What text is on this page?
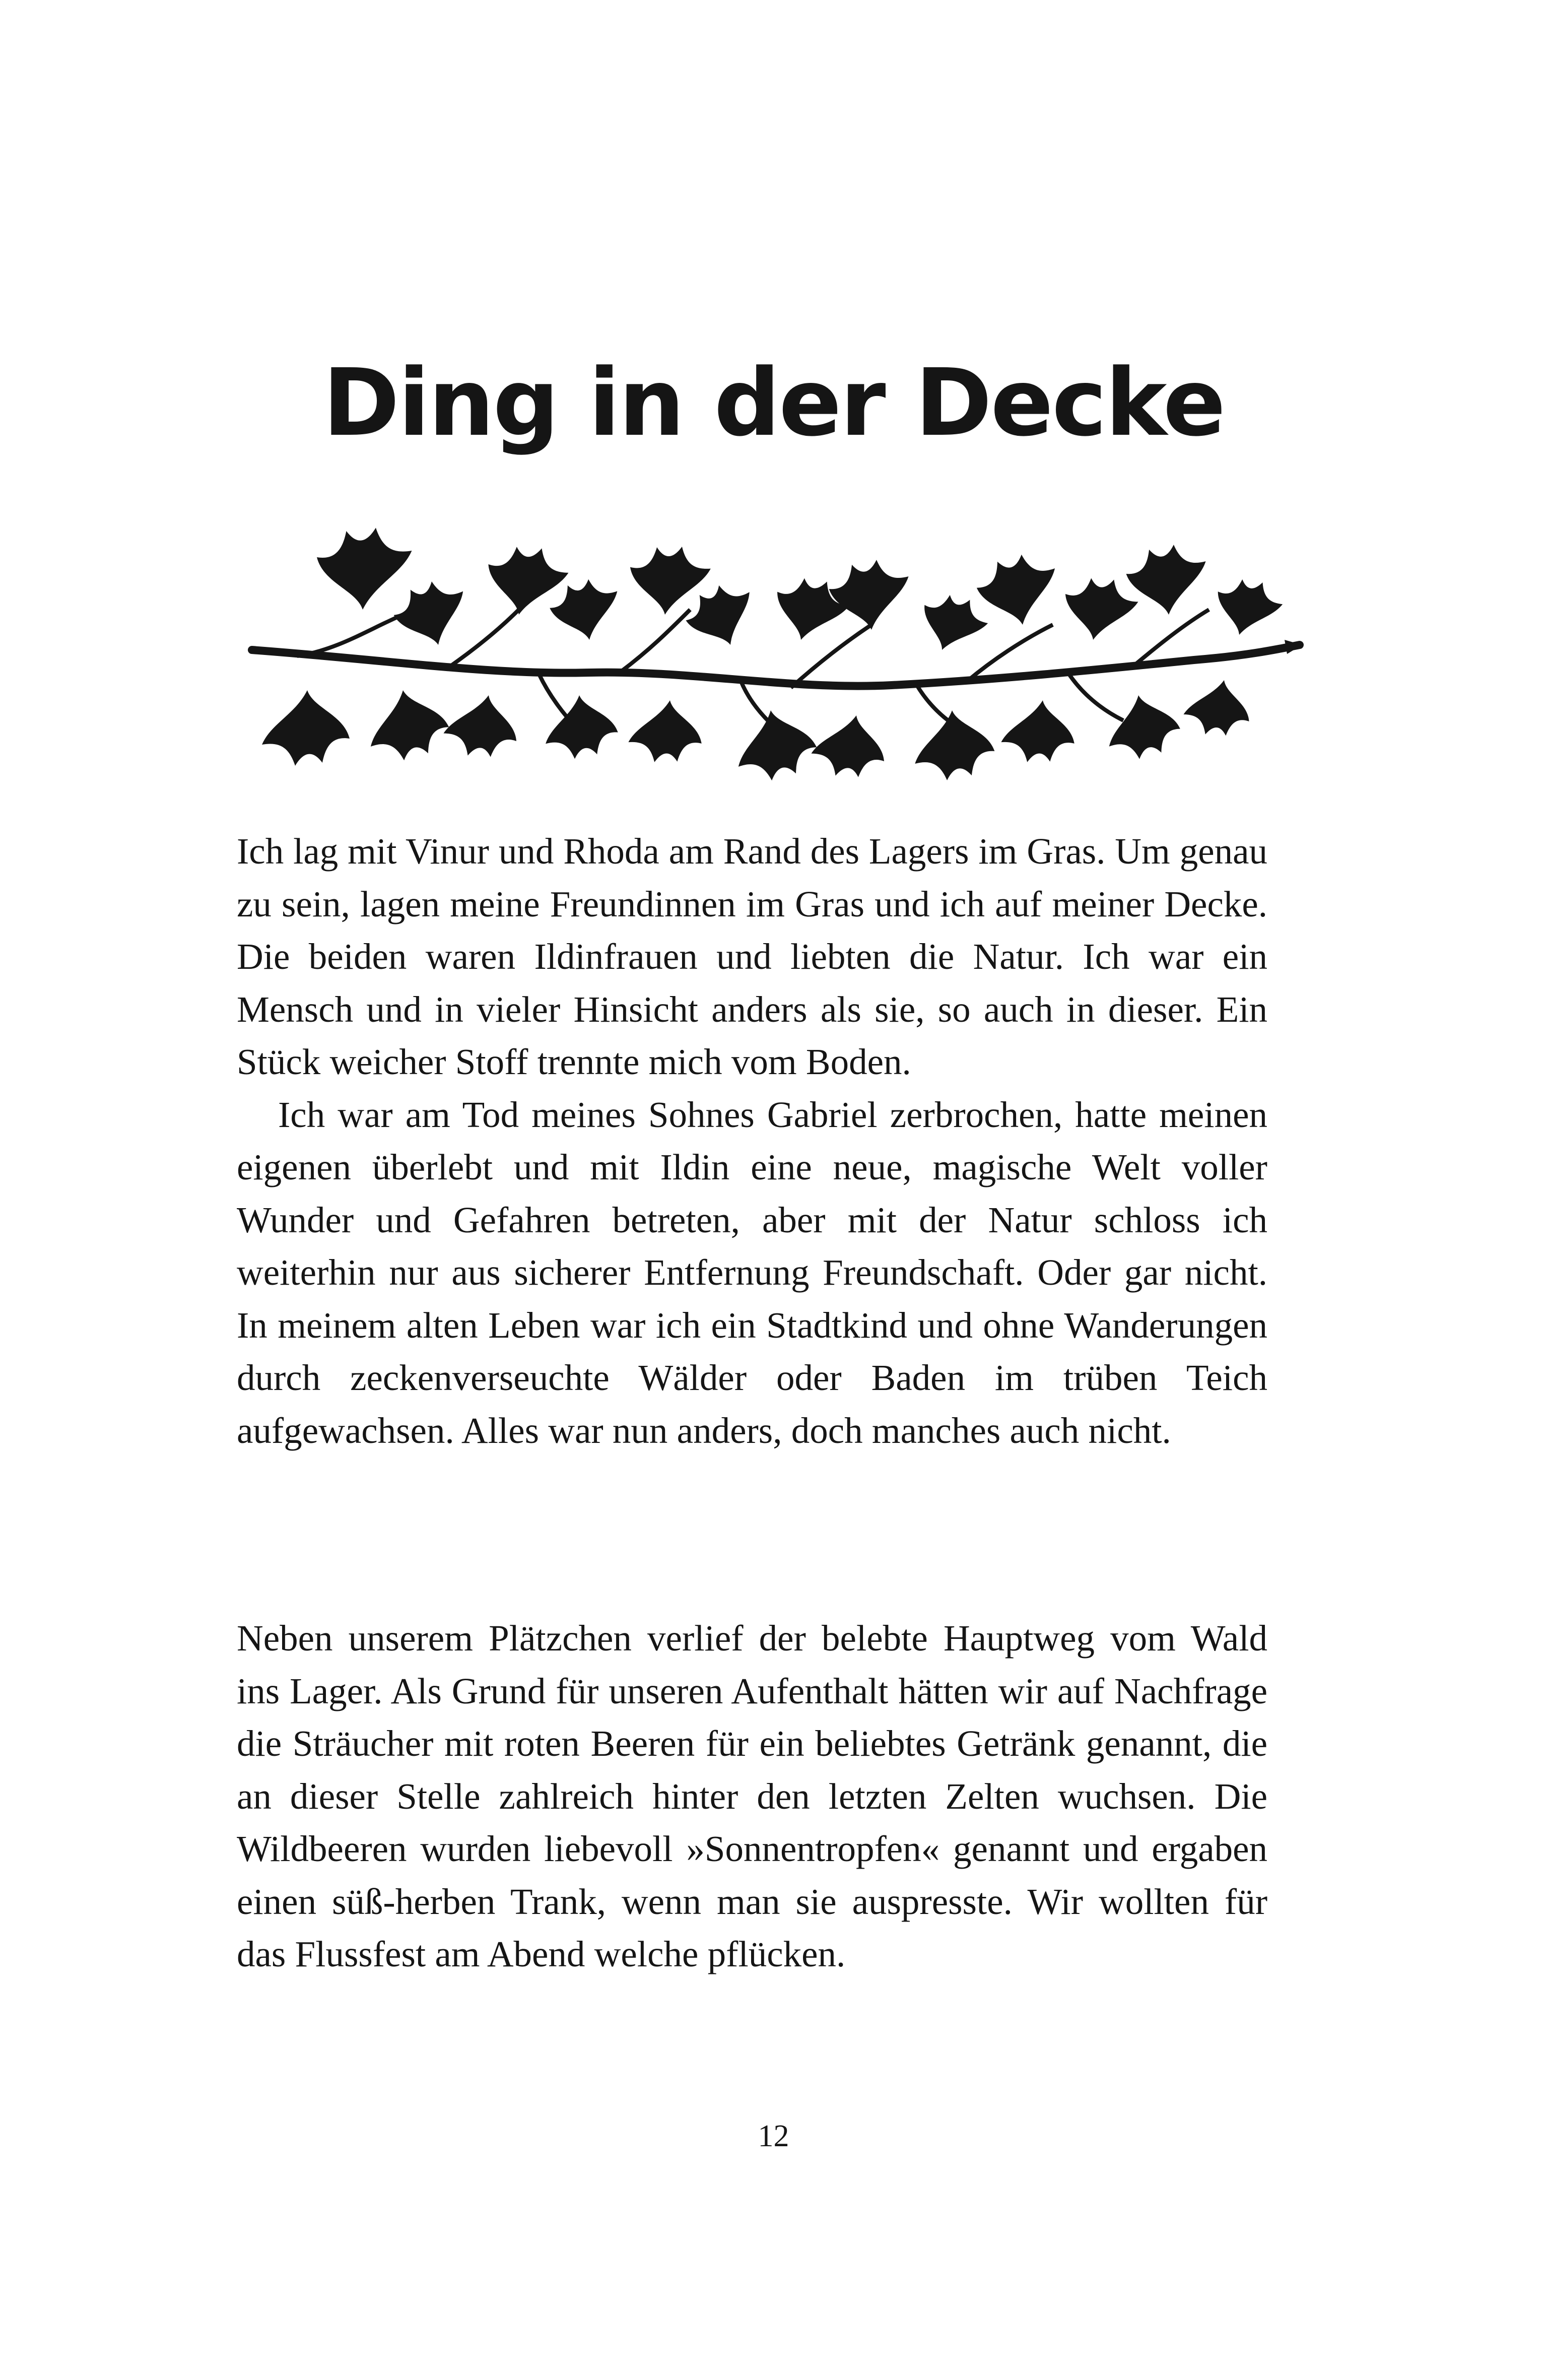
Ding in der Decke

Ich lag mit Vinur und Rhoda am Rand des Lagers im Gras. Um genau zu sein, lagen meine Freundinnen im Gras und ich auf meiner Decke. Die beiden waren Ildinfrauen und liebten die Natur. Ich war ein Mensch und in vieler Hinsicht anders als sie, so auch in dieser. Ein Stück weicher Stoff trennte mich vom Boden.

Ich war am Tod meines Sohnes Gabriel zerbrochen, hatte meinen eigenen überlebt und mit Ildin eine neue, magische Welt voller Wunder und Gefahren betreten, aber mit der Natur schloss ich weiterhin nur aus sicherer Entfernung Freundschaft. Oder gar nicht. In meinem alten Leben war ich ein Stadtkind und ohne Wanderungen durch zeckenverseuchte Wälder oder Baden im trüben Teich aufgewachsen. Alles war nun anders, doch manches auch nicht.

Neben unserem Plätzchen verlief der belebte Hauptweg vom Wald ins Lager. Als Grund für unseren Aufenthalt hätten wir auf Nachfrage die Sträucher mit roten Beeren für ein beliebtes Getränk genannt, die an dieser Stelle zahlreich hinter den letzten Zelten wuchsen. Die Wildbeeren wurden liebevoll »Sonnentropfen« genannt und ergaben einen süß-herben Trank, wenn man sie auspresste. Wir wollten für das Flussfest am Abend welche pflücken.

12
